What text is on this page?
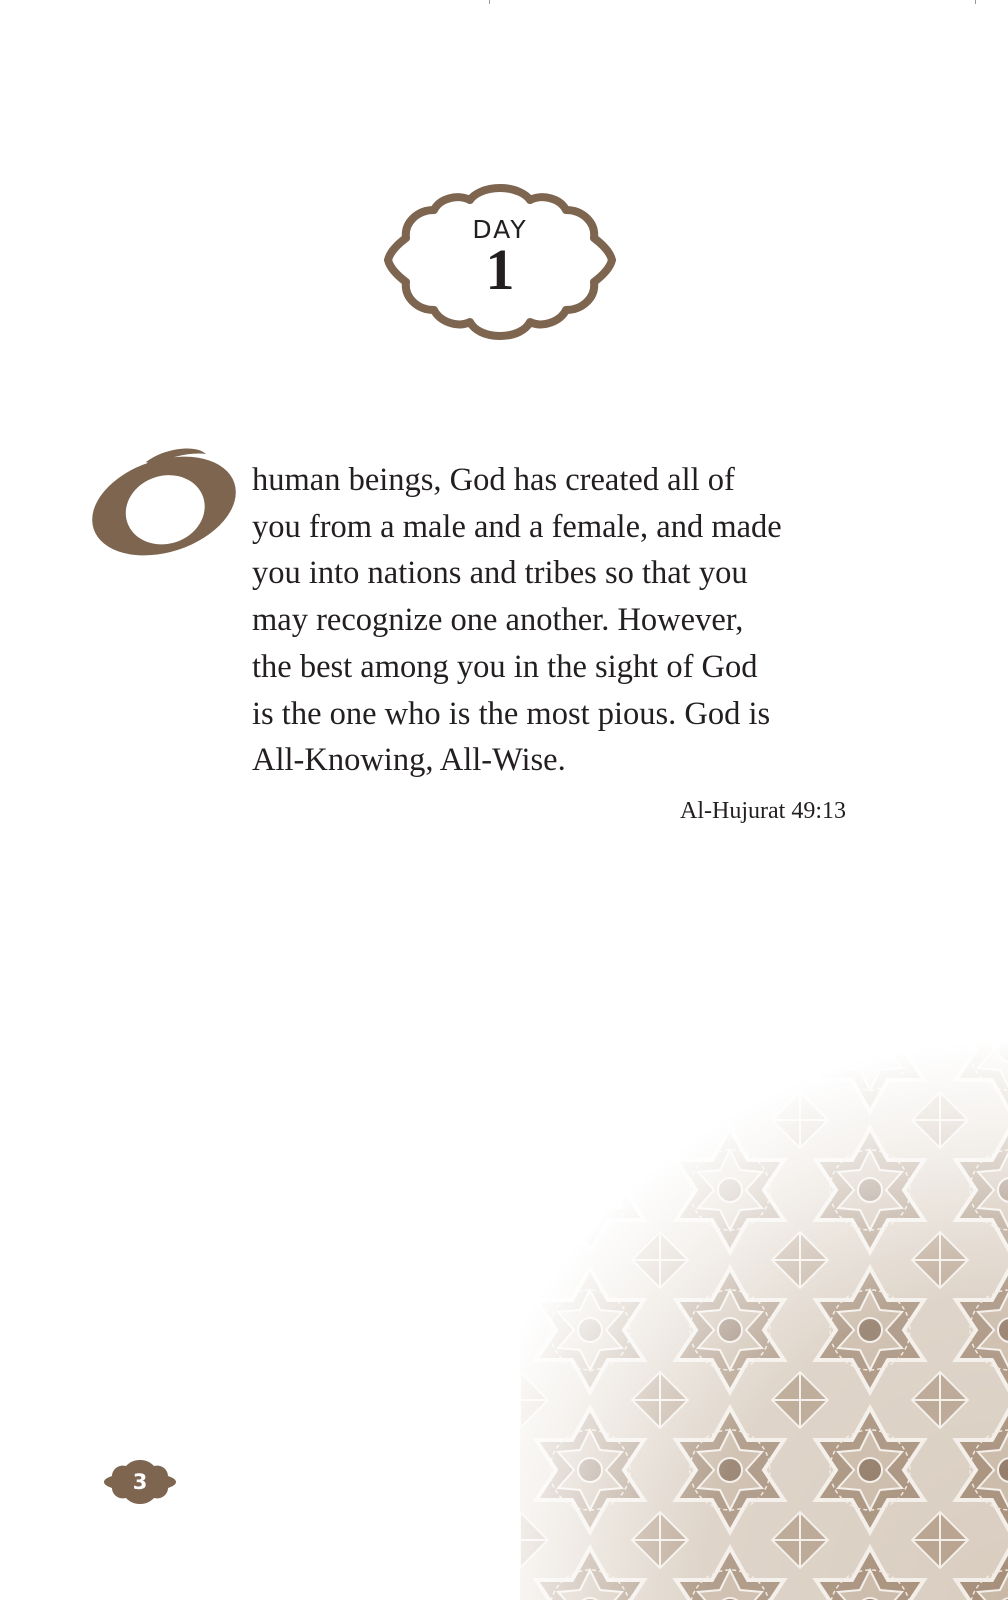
DAY
1

human beings, God has created all of
you from a male and a female, and made
you into nations and tribes so that you
may recognize one another. However,
the best among you in the sight of God
is the one who is the most pious. God is
All-Knowing, All-Wise.

Al-Hujurat 49:13
3
